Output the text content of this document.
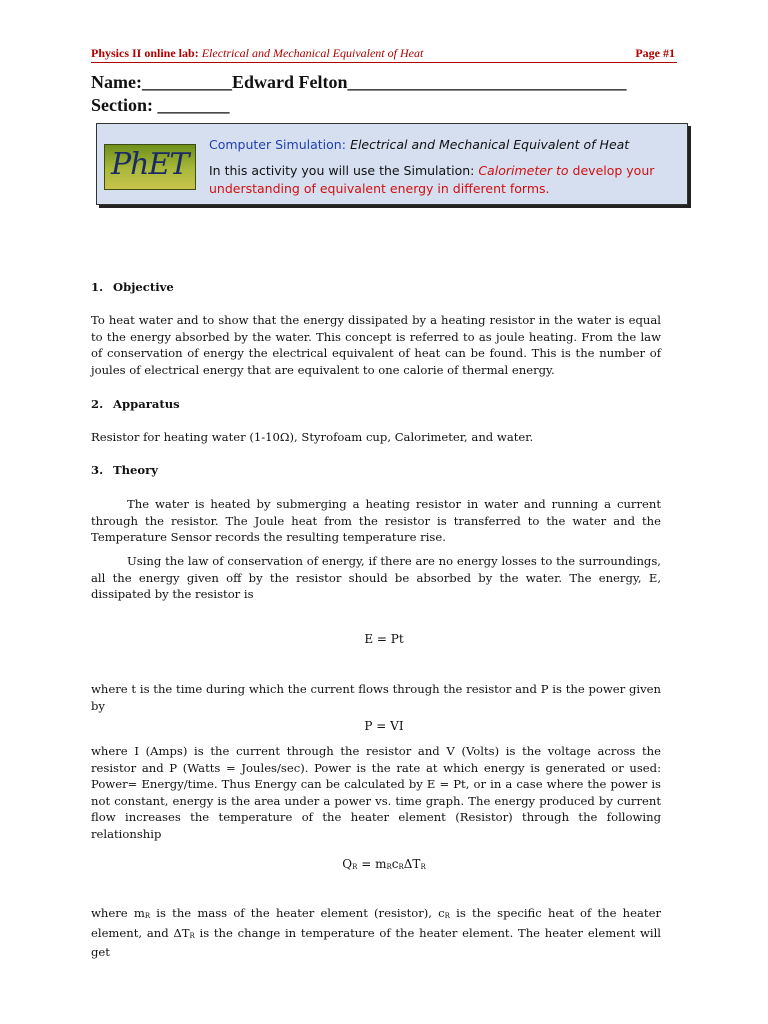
Physics II online lab: Electrical and Mechanical Equivalent of Heat	Page #1
Name:__________Edward Felton_______________________________
Section: ________
PhET
Computer Simulation: Electrical and Mechanical Equivalent of Heat
In this activity you will use the Simulation: Calorimeter to develop your understanding of equivalent energy in different forms.
1. Objective
To heat water and to show that the energy dissipated by a heating resistor in the water is equal to the energy absorbed by the water. This concept is referred to as joule heating. From the law of conservation of energy the electrical equivalent of heat can be found. This is the number of joules of electrical energy that are equivalent to one calorie of thermal energy.
2. Apparatus
Resistor for heating water (1-10Ω), Styrofoam cup, Calorimeter, and water.
3. Theory
The water is heated by submerging a heating resistor in water and running a current through the resistor. The Joule heat from the resistor is transferred to the water and the Temperature Sensor records the resulting temperature rise.
Using the law of conservation of energy, if there are no energy losses to the surroundings, all the energy given off by the resistor should be absorbed by the water. The energy, E, dissipated by the resistor is
E = Pt
where t is the time during which the current flows through the resistor and P is the power given by
P = VI
where I (Amps) is the current through the resistor and V (Volts) is the voltage across the resistor and P (Watts = Joules/sec). Power is the rate at which energy is generated or used: Power= Energy/time. Thus Energy can be calculated by E = Pt, or in a case where the power is not constant, energy is the area under a power vs. time graph. The energy produced by current flow increases the temperature of the heater element (Resistor) through the following relationship
$Q_R = m_Rc_R\Delta T_R$
where $m_R$ is the mass of the heater element (resistor), $c_R$ is the specific heat of the heater element, and $\Delta T_R$ is the change in temperature of the heater element. The heater element will get
